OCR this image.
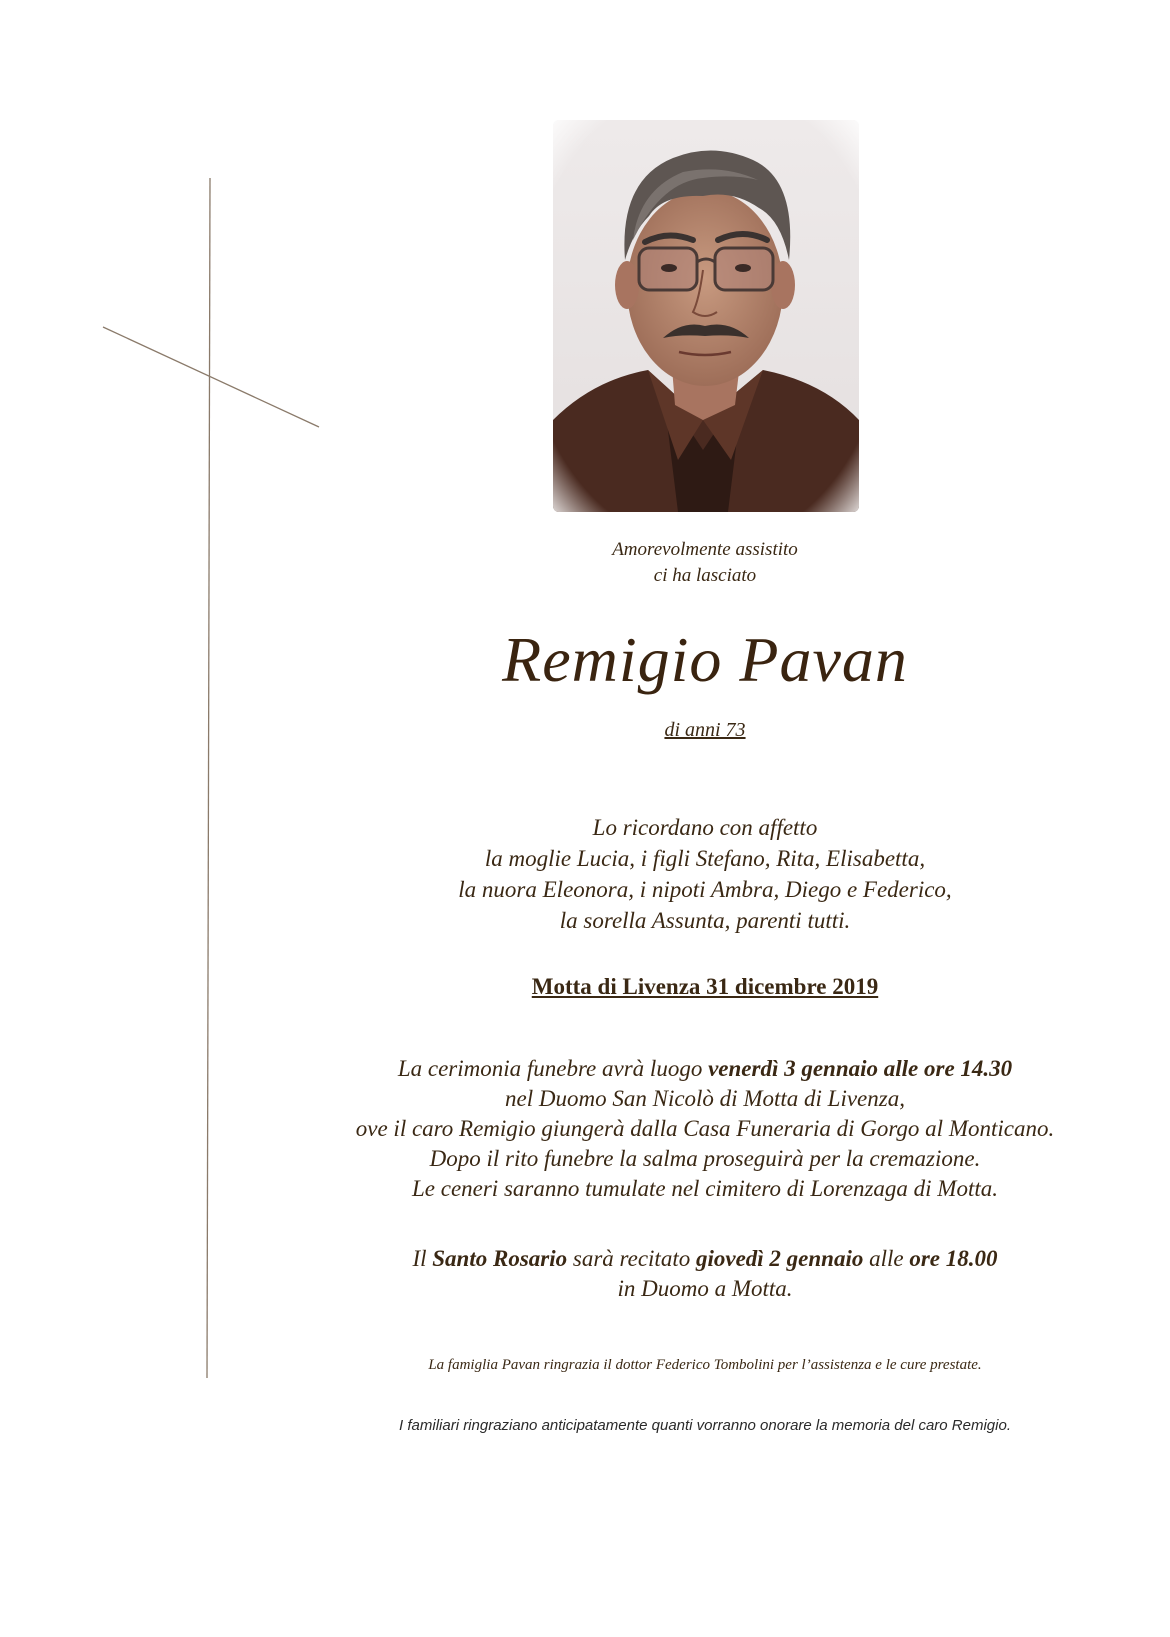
Amorevolmente assistito
ci ha lasciato
Remigio Pavan
di anni 73
Lo ricordano con affetto
la moglie Lucia, i figli Stefano, Rita, Elisabetta,
la nuora Eleonora, i nipoti Ambra, Diego e Federico,
la sorella Assunta, parenti tutti.
Motta di Livenza 31 dicembre 2019
La cerimonia funebre avrà luogo venerdì 3 gennaio alle ore 14.30
nel Duomo San Nicolò di Motta di Livenza,
ove il caro Remigio giungerà dalla Casa Funeraria di Gorgo al Monticano.
Dopo il rito funebre la salma proseguirà per la cremazione.
Le ceneri saranno tumulate nel cimitero di Lorenzaga di Motta.
Il Santo Rosario sarà recitato giovedì 2 gennaio alle ore 18.00
in Duomo a Motta.
La famiglia Pavan ringrazia il dottor Federico Tombolini per l’assistenza e le cure prestate.
I familiari ringraziano anticipatamente quanti vorranno onorare la memoria del caro Remigio.
